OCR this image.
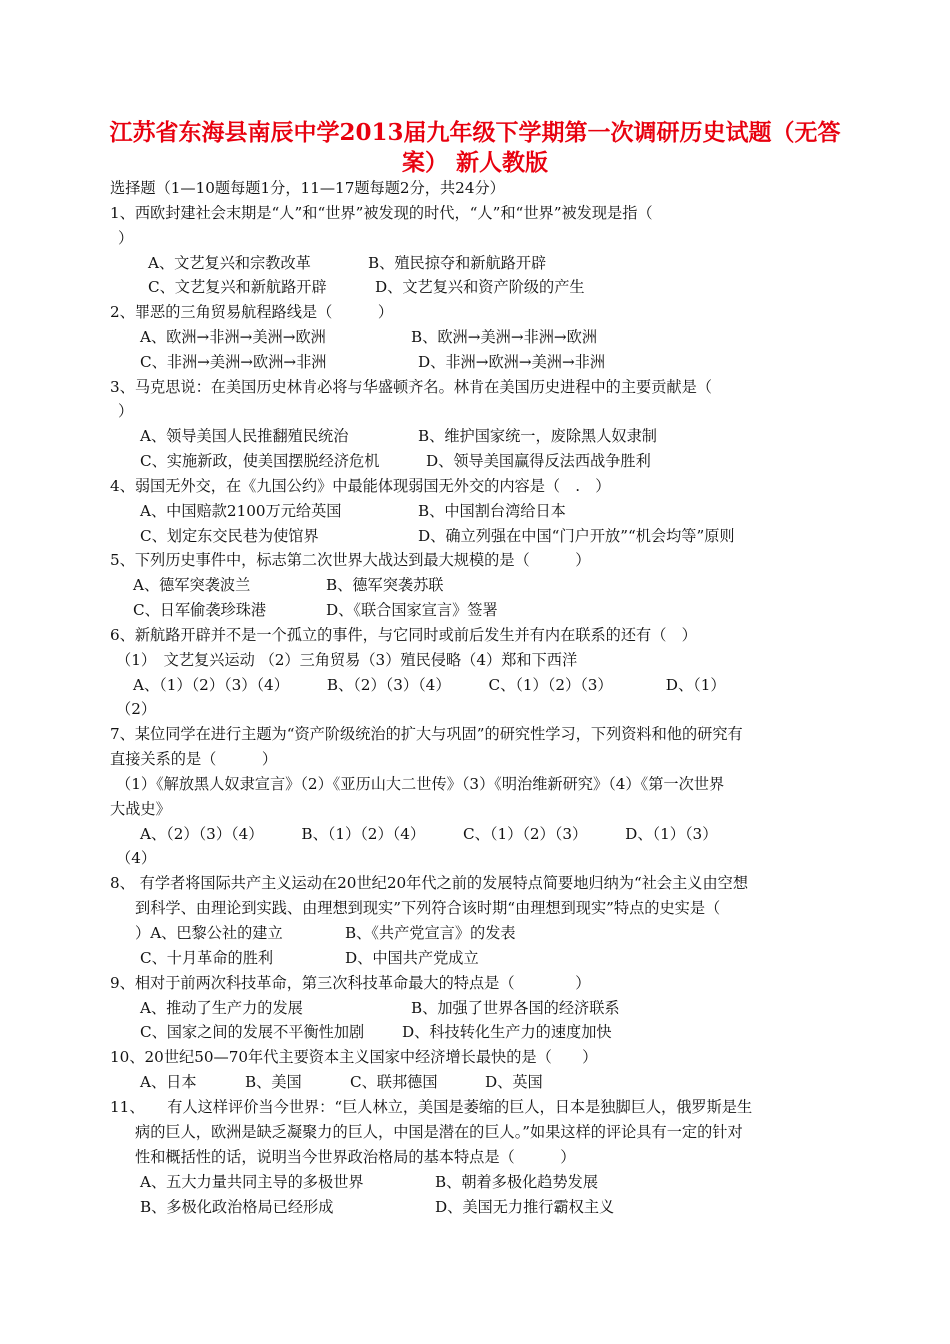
江苏省东海县南辰中学2013届九年级下学期第一次调研历史试题（无答
案） 新人教版
选择题（1—10题每题1分，11—17题每题2分，共24分）
1、西欧封建社会末期是“人”和“世界”被发现的时代，“人”和“世界”被发现是指（
）
A、文艺复兴和宗教改革	B、殖民掠夺和新航路开辟
C、文艺复兴和新航路开辟	D、文艺复兴和资产阶级的产生
2、罪恶的三角贸易航程路线是（　　　）
A、欧洲→非洲→美洲→欧洲	B、欧洲→美洲→非洲→欧洲
C、非洲→美洲→欧洲→非洲	D、非洲→欧洲→美洲→非洲
3、马克思说：在美国历史林肯必将与华盛顿齐名。林肯在美国历史进程中的主要贡献是（
）
A、领导美国人民推翻殖民统治	B、维护国家统一，废除黑人奴隶制
C、实施新政，使美国摆脱经济危机	D、领导美国赢得反法西战争胜利
4、弱国无外交，在《九国公约》中最能体现弱国无外交的内容是（　.　）
A、中国赔款2100万元给英国	B、中国割台湾给日本
C、划定东交民巷为使馆界	D、确立列强在中国“门户开放”“机会均等”原则
5、下列历史事件中，标志第二次世界大战达到最大规模的是（　　　）
A、德军突袭波兰	B、德军突袭苏联
C、日军偷袭珍珠港	D、《联合国家宣言》签署
6、新航路开辟并不是一个孤立的事件，与它同时或前后发生并有内在联系的还有（　）
（1）　文艺复兴运动 （2）三角贸易（3）殖民侵略（4）郑和下西洋
A、（1）（2）（3）（4）　　　B、（2）（3）（4）　　　C、（1）（2）（3）　　　　D、（1）
（2）
7、某位同学在进行主题为“资产阶级统治的扩大与巩固”的研究性学习，下列资料和他的研究有
直接关系的是（　　　）
（1）《解放黑人奴隶宣言》（2）《亚历山大二世传》（3）《明治维新研究》（4）《第一次世界
大战史》
A、（2）（3）（4）　　　B、（1）（2）（4）　　　C、（1）（2）（3）　　　D、（1）（3）
（4）
8、 有学者将国际共产主义运动在20世纪20年代之前的发展特点简要地归纳为“社会主义由空想
到科学、由理论到实践、由理想到现实”下列符合该时期“由理想到现实”特点的史实是（
）A、巴黎公社的建立	B、《共产党宣言》的发表
C、十月革命的胜利	D、中国共产党成立
9、相对于前两次科技革命，第三次科技革命最大的特点是（　　　　）
A、推动了生产力的发展	B、加强了世界各国的经济联系
C、国家之间的发展不平衡性加剧 D、科技转化生产力的速度加快
10、20世纪50—70年代主要资本主义国家中经济增长最快的是（　　）
A、日本	B、美国	C、联邦德国	D、英国
11、　　有人这样评价当今世界：“巨人林立，美国是萎缩的巨人，日本是独脚巨人，俄罗斯是生
病的巨人，欧洲是缺乏凝聚力的巨人，中国是潜在的巨人。”如果这样的评论具有一定的针对
性和概括性的话，说明当今世界政治格局的基本特点是（　　　）
A、五大力量共同主导的多极世界	B、朝着多极化趋势发展
B、多极化政治格局已经形成	D、美国无力推行霸权主义
